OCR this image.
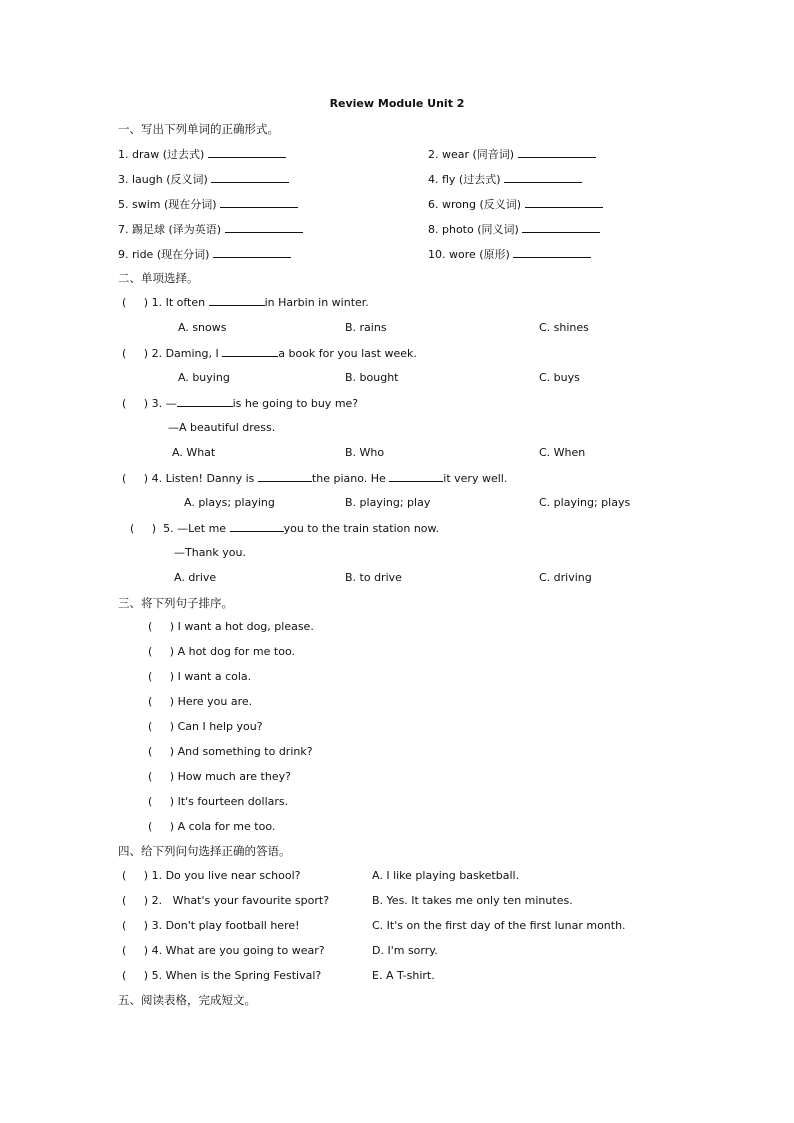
Review Module Unit 2
一、写出下列单词的正确形式。
1. draw (过去式)	2. wear (同音词)
3. laugh (反义词)	4. fly (过去式)
5. swim (现在分词)	6. wrong (反义词)
7. 踢足球 (译为英语)	8. photo (同义词)
9. ride (现在分词)	10. wore (原形)
二、单项选择。
(     ) 1. It often	in Harbin in winter.
A. snows	B. rains	C. shines
(     ) 2. Daming, I	a book for you last week.
A. buying	B. bought	C. buys
(     ) 3. —	is he going to buy me?
—A beautiful dress.
A. What	B. Who	C. When
(     ) 4. Listen! Danny is	the piano. He	it very well.
A. plays; playing	B. playing; play	C. playing; plays
(     ) 5. —Let me	you to the train station now.
—Thank you.
A. drive	B. to drive	C. driving
三、将下列句子排序。
(     ) I want a hot dog, please.
(     ) A hot dog for me too.
(     ) I want a cola.
(     ) Here you are.
(     ) Can I help you?
(     ) And something to drink?
(     ) How much are they?
(     ) It's fourteen dollars.
(     ) A cola for me too.
四、给下列问句选择正确的答语。
(     ) 1. Do you live near school?	A. I like playing basketball.
(     ) 2.   What's your favourite sport?	B. Yes. It takes me only ten minutes.
(     ) 3. Don't play football here!	C. It's on the first day of the first lunar month.
(     ) 4. What are you going to wear?	D. I'm sorry.
(     ) 5. When is the Spring Festival?	E. A T-shirt.
五、阅读表格，完成短文。
